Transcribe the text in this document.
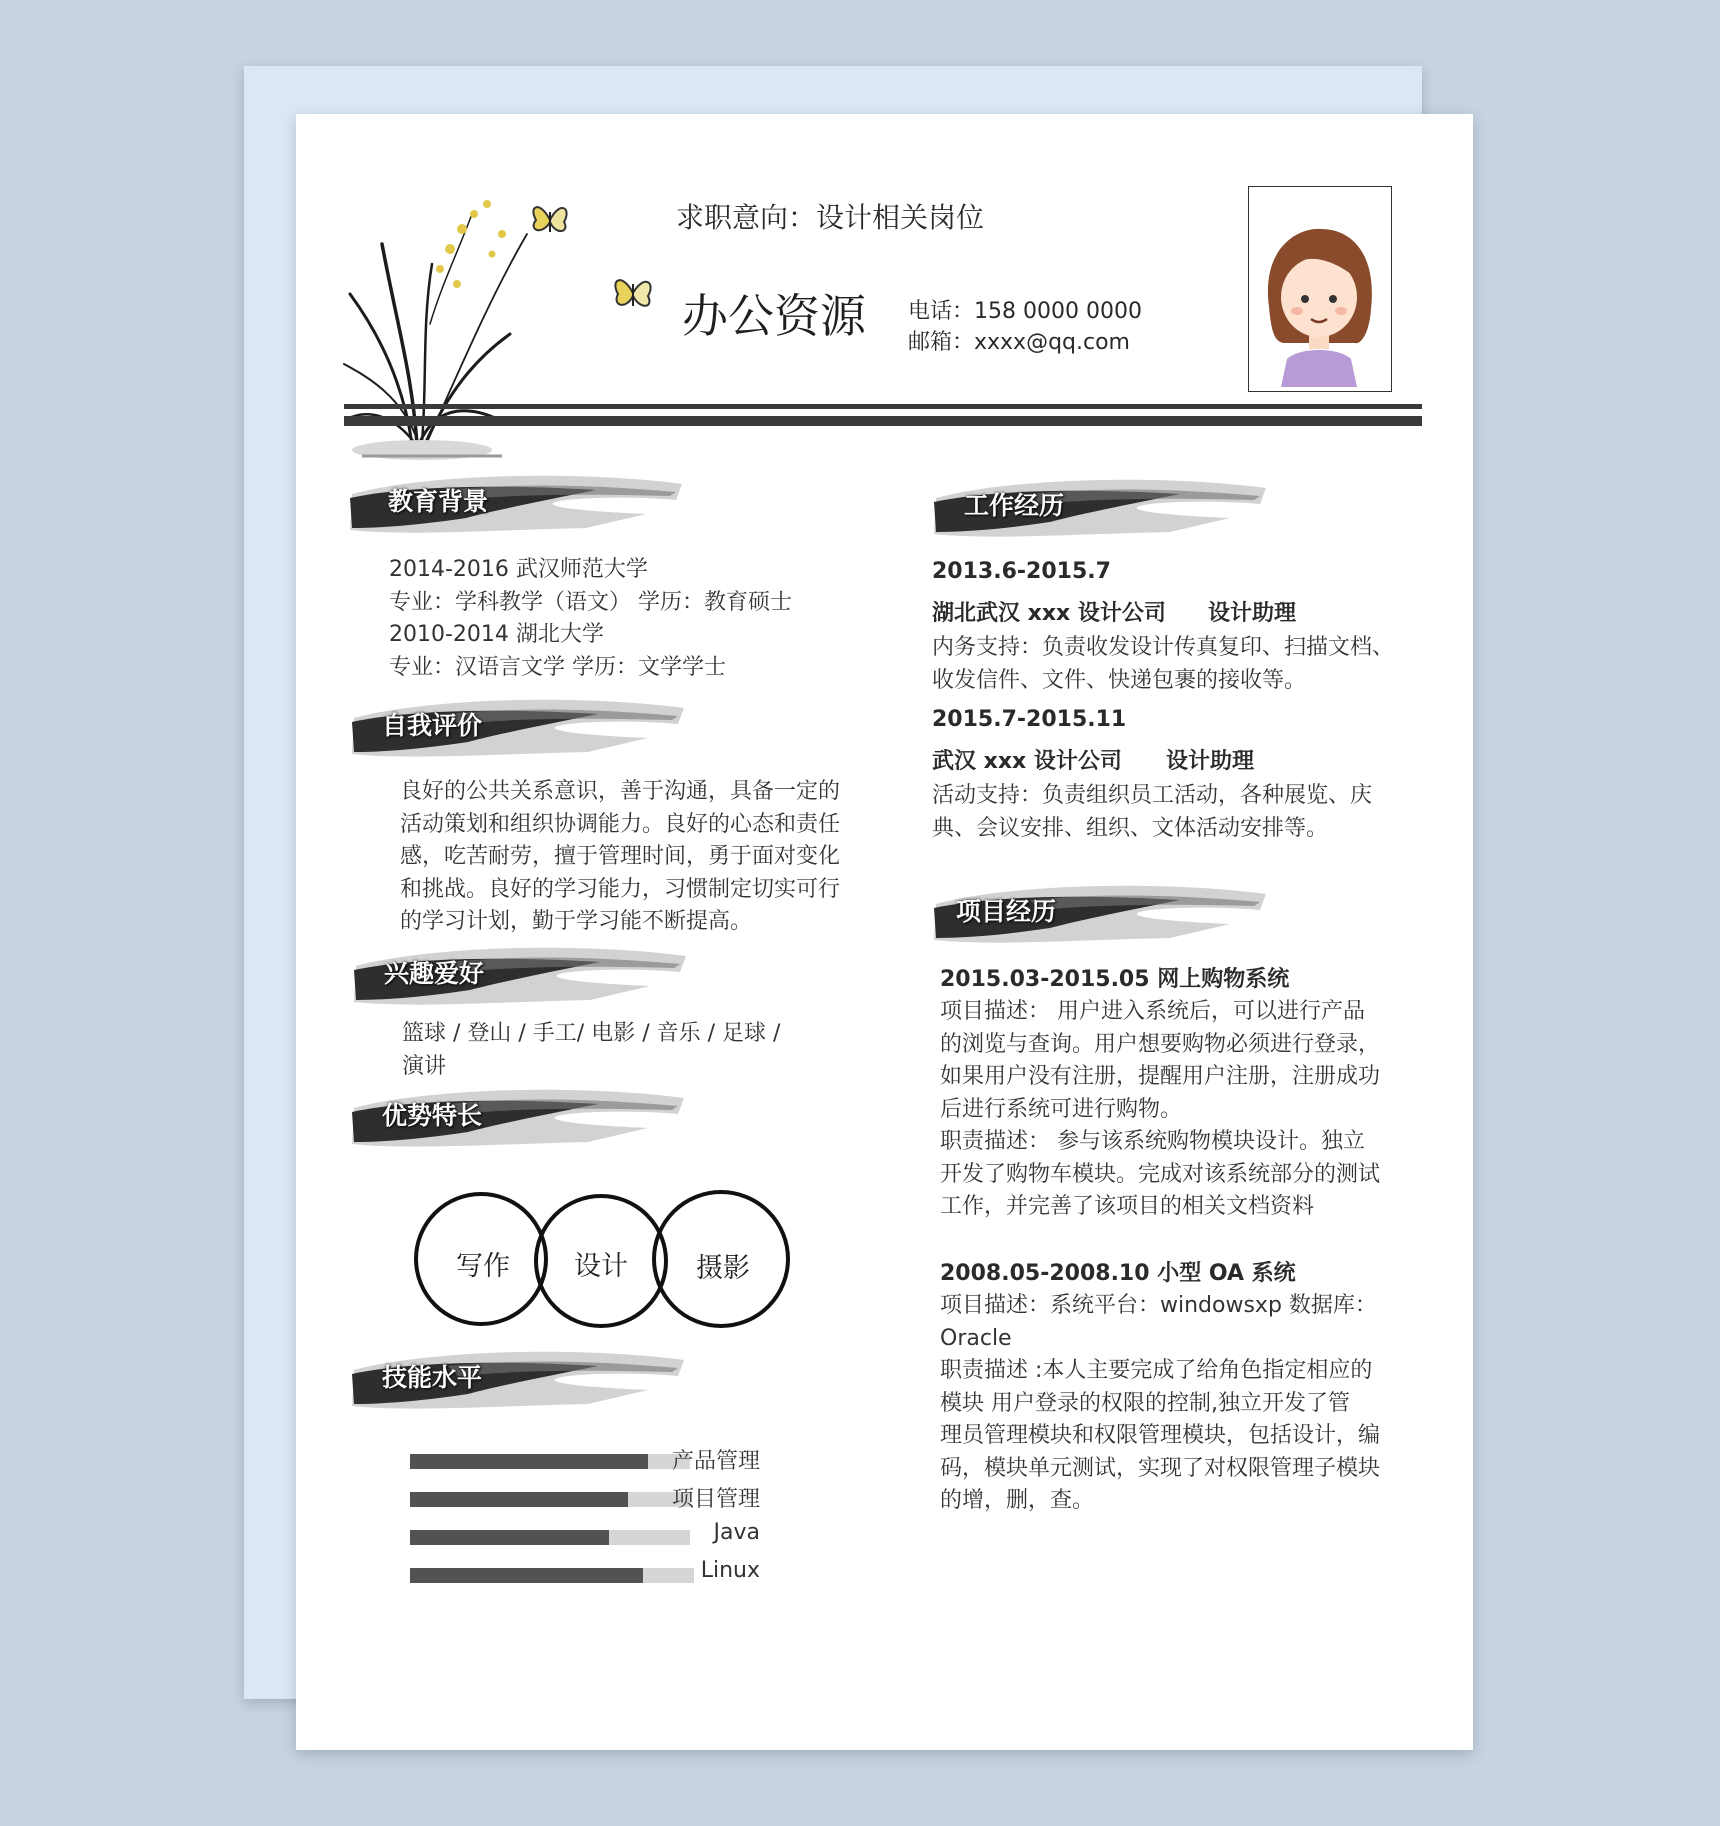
求职意向：设计相关岗位
办公资源 电话：158 0000 0000
邮箱：xxxx@qq.com
教育背景
2014-2016 武汉师范大学
专业：学科教学（语文） 学历：教育硕士
2010-2014 湖北大学
专业：汉语言文学 学历：文学学士
自我评价
良好的公共关系意识，善于沟通，具备一定的
活动策划和组织协调能力。良好的心态和责任
感，吃苦耐劳，擅于管理时间，勇于面对变化
和挑战。良好的学习能力，习惯制定切实可行
的学习计划，勤于学习能不断提高。
兴趣爱好
篮球 / 登山 / 手工/ 电影 / 音乐 / 足球 /
演讲
优势特长
写作 设计	摄影
技能水平
产品管理
项目管理
Java
Linux
工作经历
2013.6-2015.7
湖北武汉 xxx 设计公司 设计助理
内务支持：负责收发设计传真复印、扫描文档、
收发信件、文件、快递包裹的接收等。
2015.7-2015.11
武汉 xxx 设计公司 设计助理
活动支持：负责组织员工活动，各种展览、庆
典、会议安排、组织、文体活动安排等。
项目经历
2015.03-2015.05 网上购物系统
项目描述： 用户进入系统后，可以进行产品
的浏览与查询。用户想要购物必须进行登录，
如果用户没有注册，提醒用户注册，注册成功
后进行系统可进行购物。
职责描述： 参与该系统购物模块设计。独立
开发了购物车模块。完成对该系统部分的测试
工作，并完善了该项目的相关文档资料
2008.05-2008.10 小型 OA 系统
项目描述：系统平台：windowsxp 数据库：
Oracle
职责描述 :本人主要完成了给角色指定相应的
模块 用户登录的权限的控制,独立开发了管
理员管理模块和权限管理模块，包括设计，编
码，模块单元测试，实现了对权限管理子模块
的增，删，查。
